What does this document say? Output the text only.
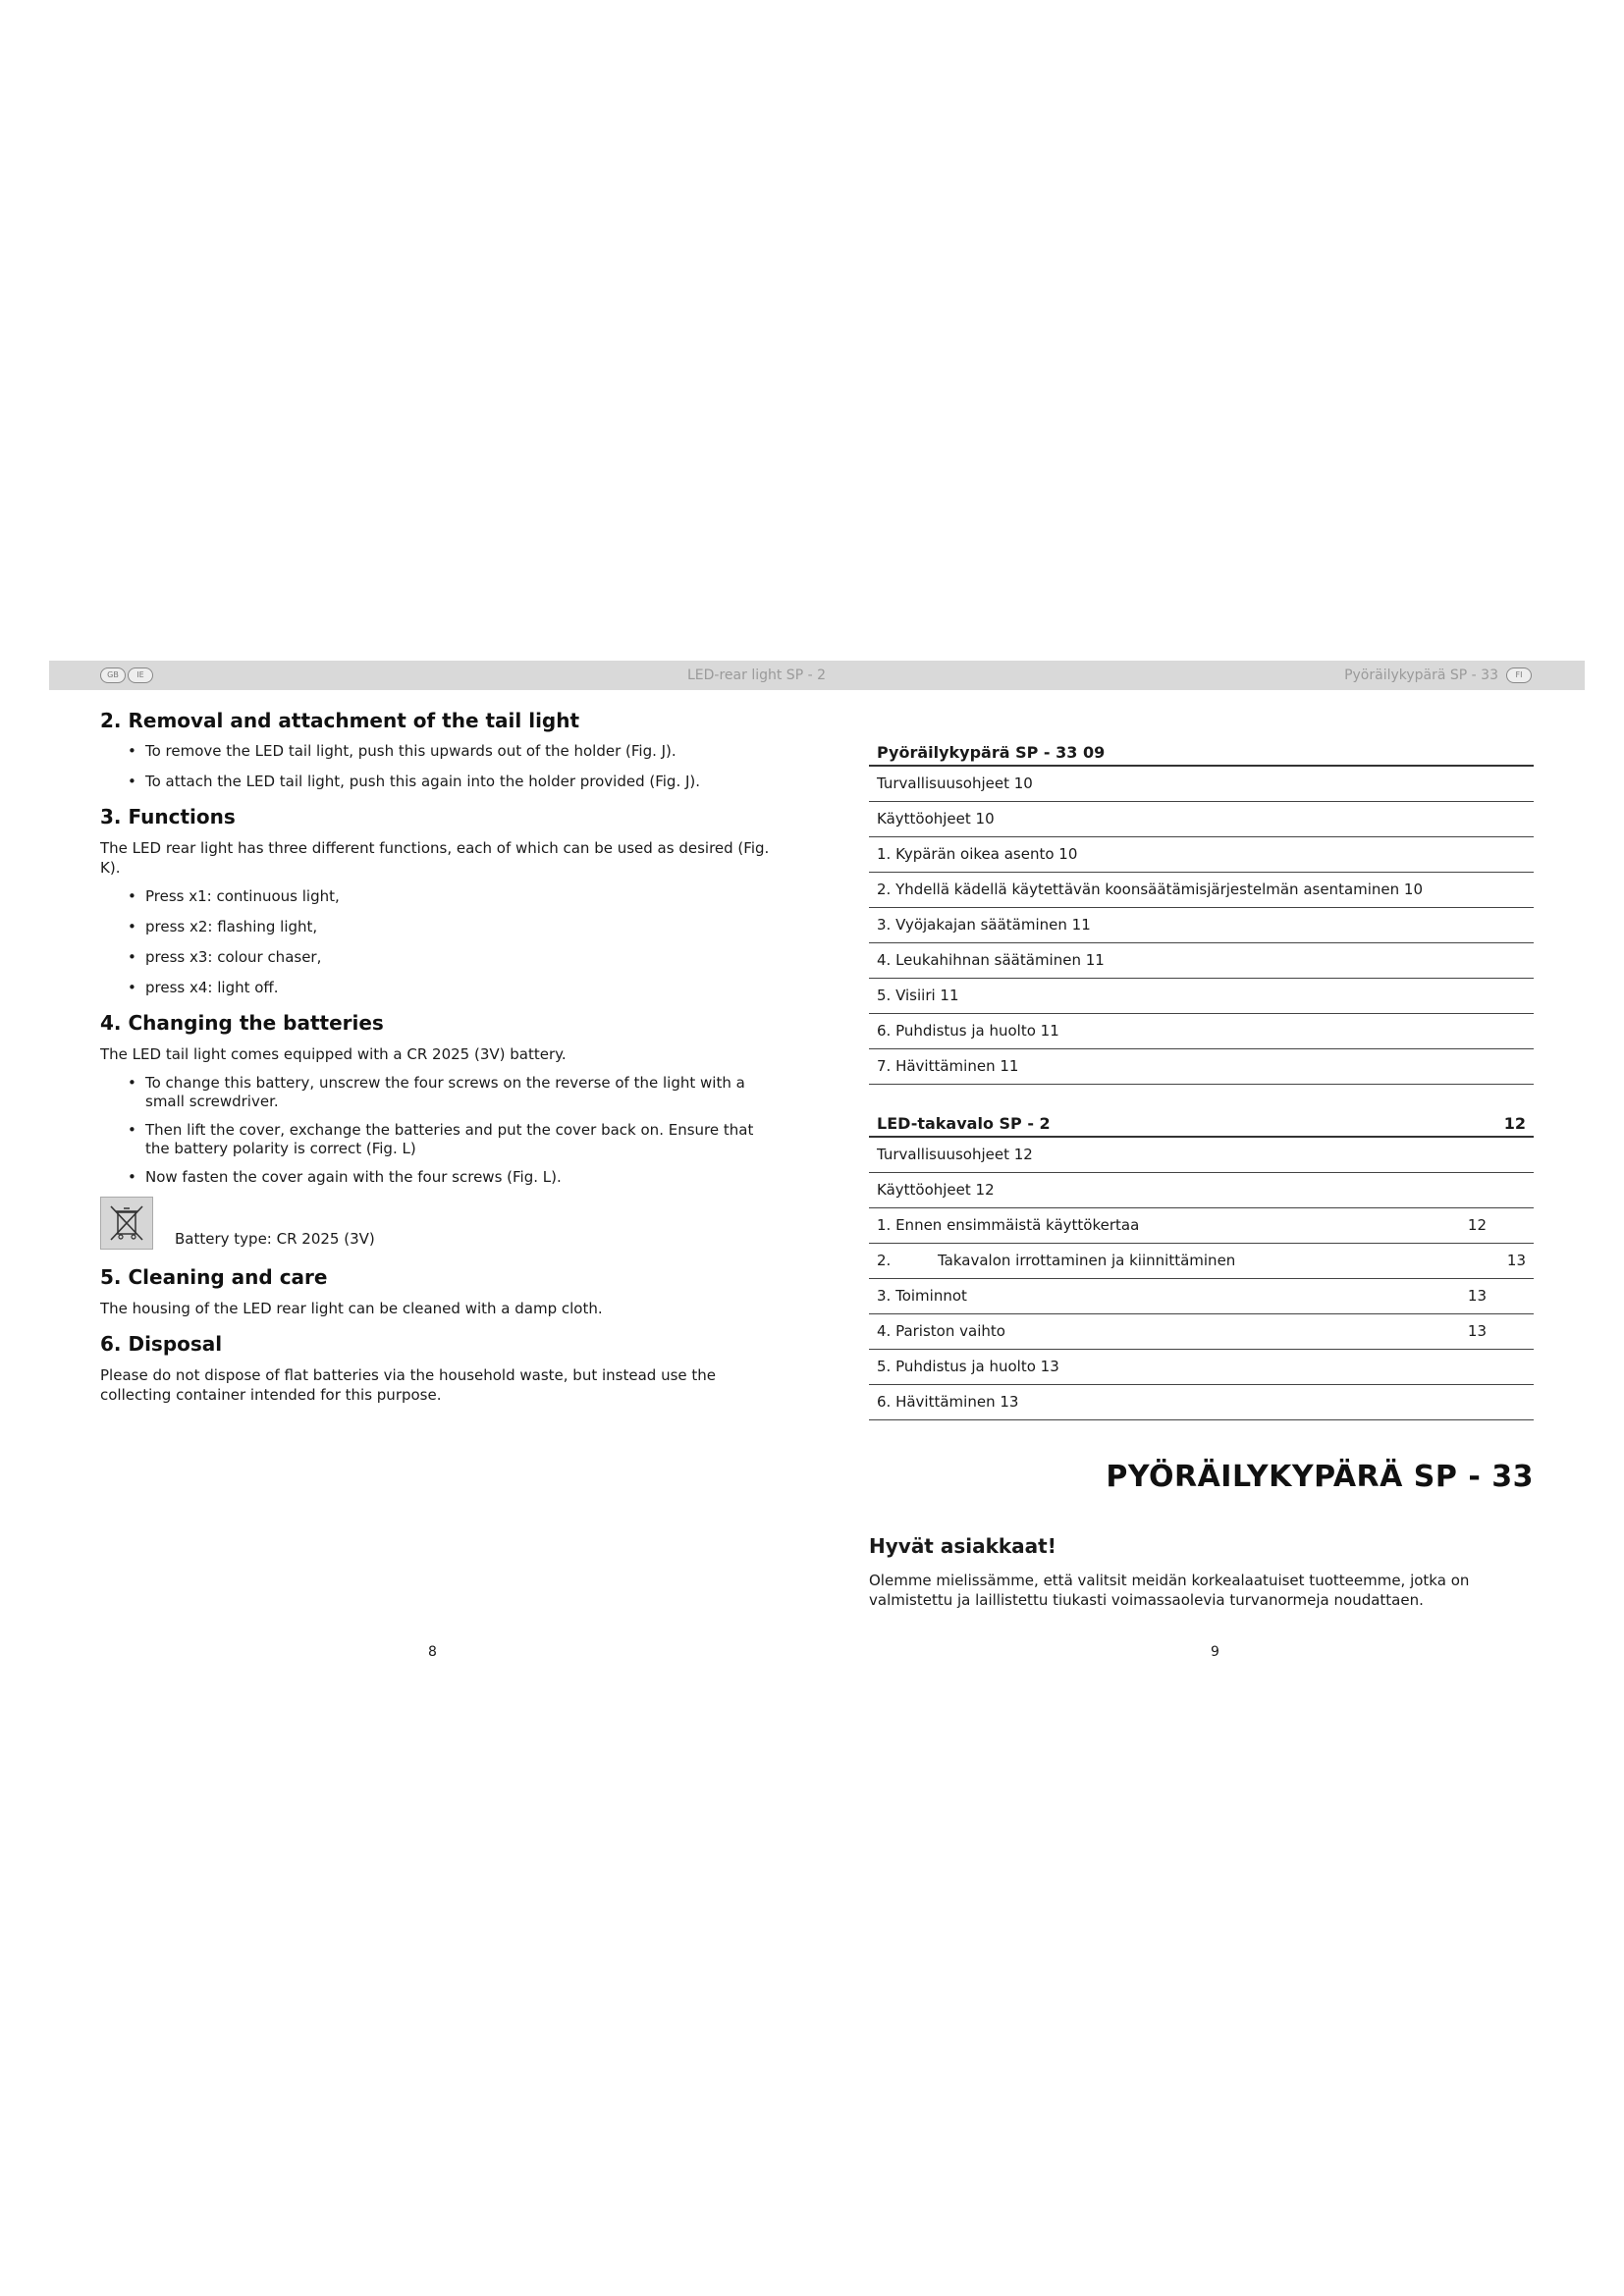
GB	IE	LED-rear light SP - 2	Pyöräilykypärä SP - 33	FI
2. Removal and attachment of the tail light
• To remove the LED tail light, push this upwards out of the holder (Fig. J).
• To attach the LED tail light, push this again into the holder provided (Fig. J).
3. Functions

The LED rear light has three different functions, each of which can be used as desired (Fig. K).

• Press x1: continuous light,
• press x2: flashing light,
• press x3: colour chaser,
• press x4: light off.
4. Changing the batteries

The LED tail light comes equipped with a CR 2025 (3V) battery.

• To change this battery, unscrew the four screws on the reverse of the light with a small screwdriver.
• Then lift the cover, exchange the batteries and put the cover back on. Ensure that the battery polarity is correct (Fig. L)
• Now fasten the cover again with the four screws (Fig. L).
Battery type: CR 2025 (3V)
5. Cleaning and care

The housing of the LED rear light can be cleaned with a damp cloth.

6. Disposal

Please do not dispose of flat batteries via the household waste, but instead use the collecting container intended for this purpose.

Pyöräilykypärä SP - 33 09
Turvallisuusohjeet 10
Käyttöohjeet 10
1. Kypärän oikea asento 10
2. Yhdellä kädellä käytettävän koonsäätämisjärjestelmän asentaminen 10
3. Vyöjakajan säätäminen 11
4. Leukahihnan säätäminen 11
5. Visiiri 11
6. Puhdistus ja huolto 11
7. Hävittäminen 11
LED-takavalo SP - 2	12
Turvallisuusohjeet 12
Käyttöohjeet 12
1. Ennen ensimmäistä käyttökertaa	12
2.          Takavalon irrottaminen ja kiinnittäminen	13
3. Toiminnot	13
4. Pariston vaihto	13
5. Puhdistus ja huolto 13
6. Hävittäminen 13
PYÖRÄILYKYPÄRÄ SP - 33
Hyvät asiakkaat!
Olemme mielissämme, että valitsit meidän korkealaatuiset tuotteemme, jotka on valmistettu ja laillistettu tiukasti voimassaolevia turvanormeja noudattaen.
8	9
